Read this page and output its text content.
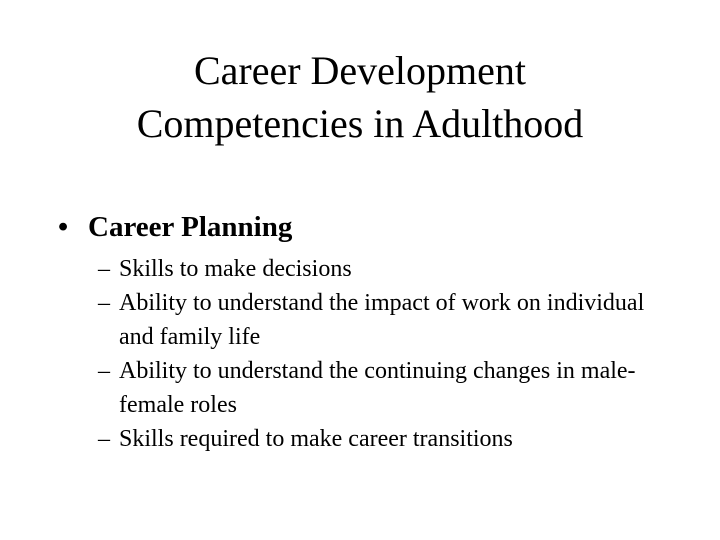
Career Development
Competencies in Adulthood
• Career Planning
– Skills to make decisions
– Ability to understand the impact of work on individual and family life
– Ability to understand the continuing changes in male-female roles
– Skills required to make career transitions
